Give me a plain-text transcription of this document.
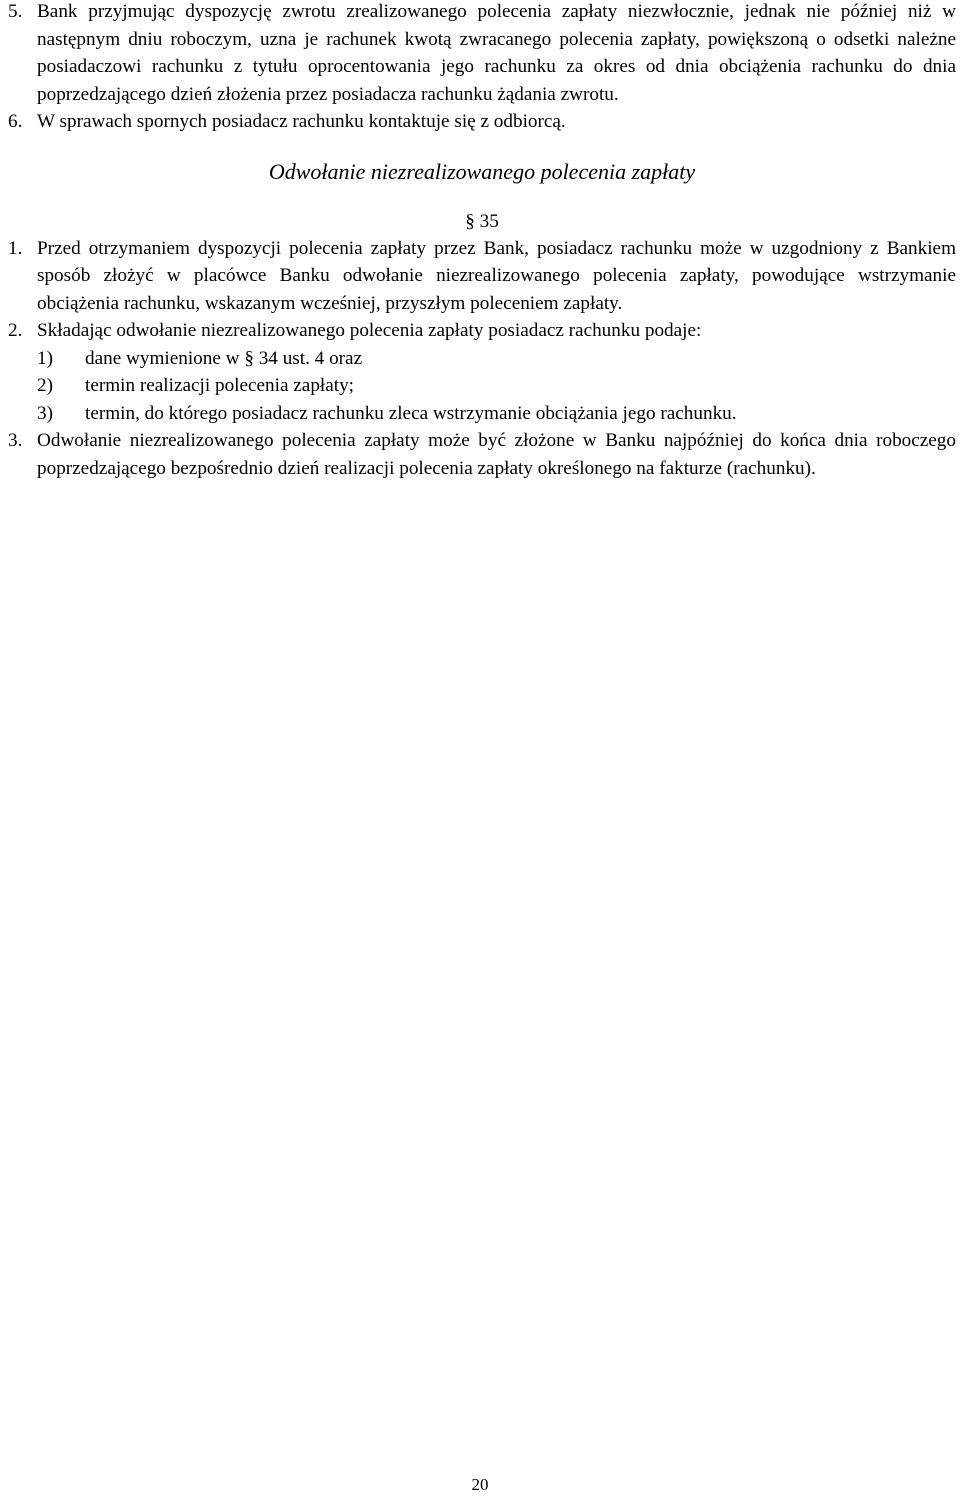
5. Bank przyjmując dyspozycję zwrotu zrealizowanego polecenia zapłaty niezwłocznie, jednak nie później niż w następnym dniu roboczym, uzna je rachunek kwotą zwracanego polecenia zapłaty, powiększoną o odsetki należne posiadaczowi rachunku z tytułu oprocentowania jego rachunku za okres od dnia obciążenia rachunku do dnia poprzedzającego dzień złożenia przez posiadacza rachunku żądania zwrotu.
6. W sprawach spornych posiadacz rachunku kontaktuje się z odbiorcą.
Odwołanie niezrealizowanego polecenia zapłaty
§ 35
1. Przed otrzymaniem dyspozycji polecenia zapłaty przez Bank, posiadacz rachunku może w uzgodniony z Bankiem sposób złożyć w placówce Banku odwołanie niezrealizowanego polecenia zapłaty, powodujące wstrzymanie obciążenia rachunku, wskazanym wcześniej, przyszłym poleceniem zapłaty.
2. Składając odwołanie niezrealizowanego polecenia zapłaty posiadacz rachunku podaje:
1) dane wymienione w § 34 ust. 4 oraz
2) termin realizacji polecenia zapłaty;
3) termin, do którego posiadacz rachunku zleca wstrzymanie obciążania jego rachunku.
3. Odwołanie niezrealizowanego polecenia zapłaty może być złożone w Banku najpóźniej do końca dnia roboczego poprzedzającego bezpośrednio dzień realizacji polecenia zapłaty określonego na fakturze (rachunku).
20
